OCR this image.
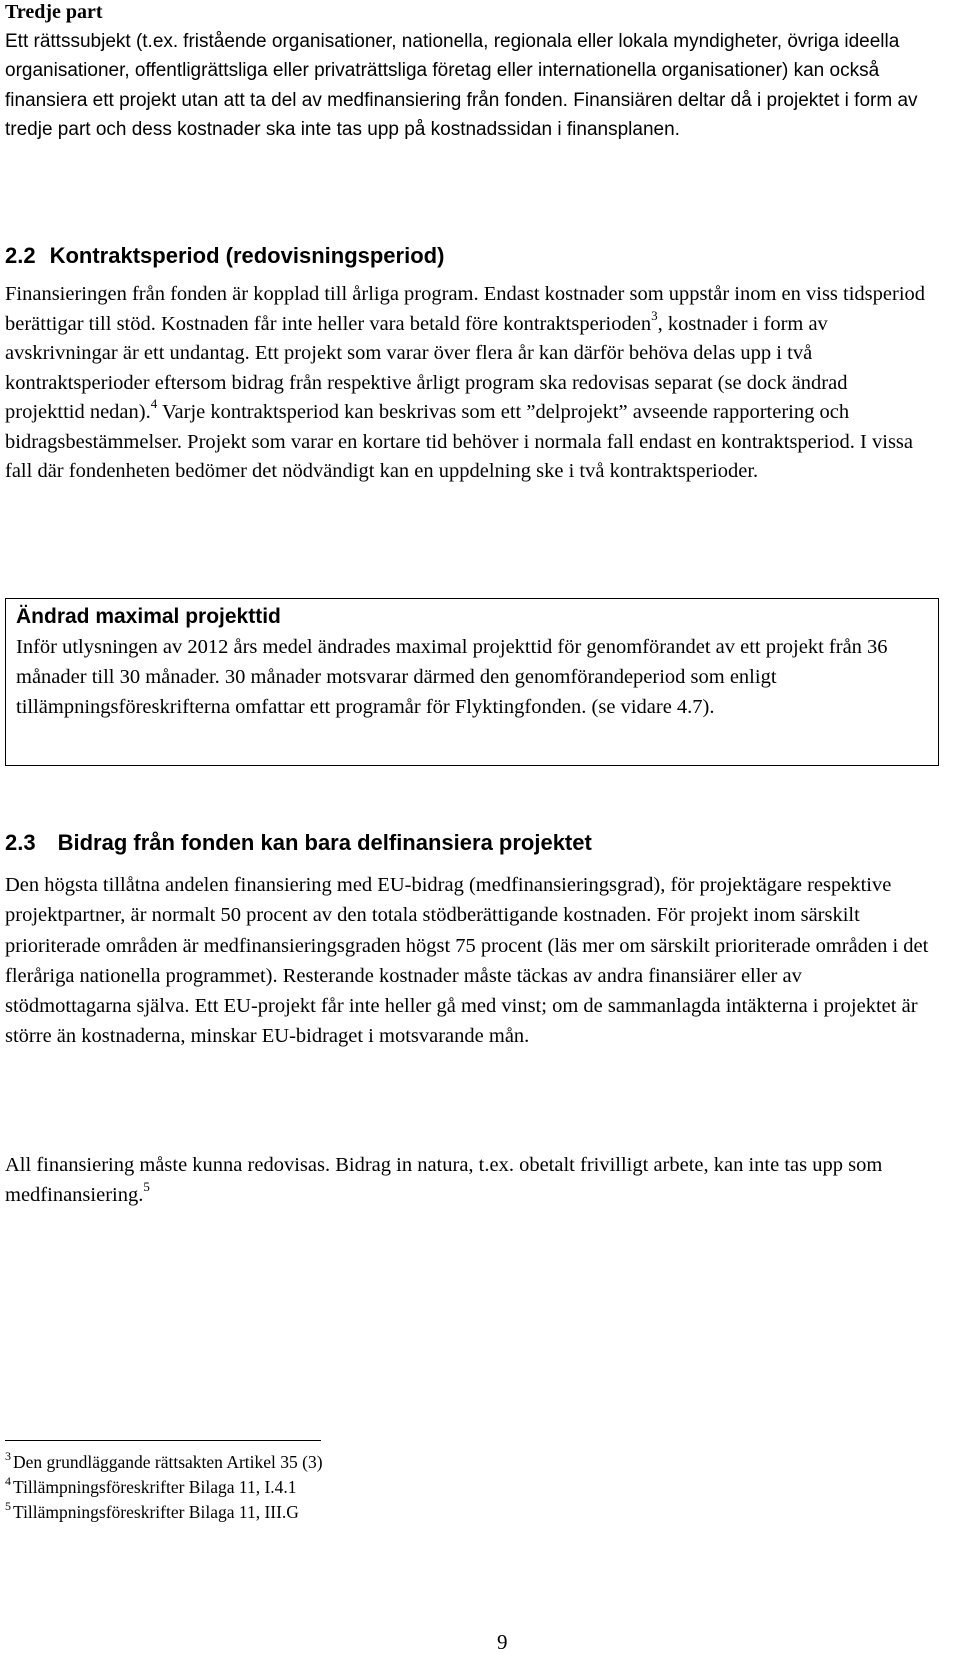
Tredje part

Ett rättssubjekt (t.ex. fristående organisationer, nationella, regionala eller lokala myndigheter, övriga ideella organisationer, offentligrättsliga eller privaträttsliga företag eller internationella organisationer) kan också finansiera ett projekt utan att ta del av medfinansiering från fonden. Finansiären deltar då i projektet i form av tredje part och dess kostnader ska inte tas upp på kostnadssidan i finansplanen.

2.2 Kontraktsperiod (redovisningsperiod)

Finansieringen från fonden är kopplad till årliga program. Endast kostnader som uppstår inom en viss tidsperiod berättigar till stöd. Kostnaden får inte heller vara betald före kontraktsperioden$^3$, kostnader i form av avskrivningar är ett undantag. Ett projekt som varar över flera år kan därför behöva delas upp i två kontraktsperioder eftersom bidrag från respektive årligt program ska redovisas separat (se dock ändrad projekttid nedan).$^4$ Varje kontraktsperiod kan beskrivas som ett ”delprojekt” avseende rapportering och bidragsbestämmelser. Projekt som varar en kortare tid behöver i normala fall endast en kontraktsperiod. I vissa fall där fondenheten bedömer det nödvändigt kan en uppdelning ske i två kontraktsperioder.

Ändrad maximal projekttid

Inför utlysningen av 2012 års medel ändrades maximal projekttid för genomförandet av ett projekt från 36 månader till 30 månader. 30 månader motsvarar därmed den genomförandeperiod som enligt tillämpningsföreskrifterna omfattar ett programår för Flyktingfonden. (se vidare 4.7).

2.3 Bidrag från fonden kan bara delfinansiera projektet

Den högsta tillåtna andelen finansiering med EU-bidrag (medfinansieringsgrad), för projektägare respektive projektpartner, är normalt 50 procent av den totala stödberättigande kostnaden. För projekt inom särskilt prioriterade områden är medfinansieringsgraden högst 75 procent (läs mer om särskilt prioriterade områden i det fleråriga nationella programmet). Resterande kostnader måste täckas av andra finansiärer eller av stödmottagarna själva. Ett EU-projekt får inte heller gå med vinst; om de sammanlagda intäkterna i projektet är större än kostnaderna, minskar EU-bidraget i motsvarande mån.

All finansiering måste kunna redovisas. Bidrag in natura, t.ex. obetalt frivilligt arbete, kan inte tas upp som medfinansiering.$^5$

$^3$ Den grundläggande rättsakten Artikel 35 (3)
$^4$ Tillämpningsföreskrifter Bilaga 11, I.4.1
$^5$ Tillämpningsföreskrifter Bilaga 11, III.G
9
